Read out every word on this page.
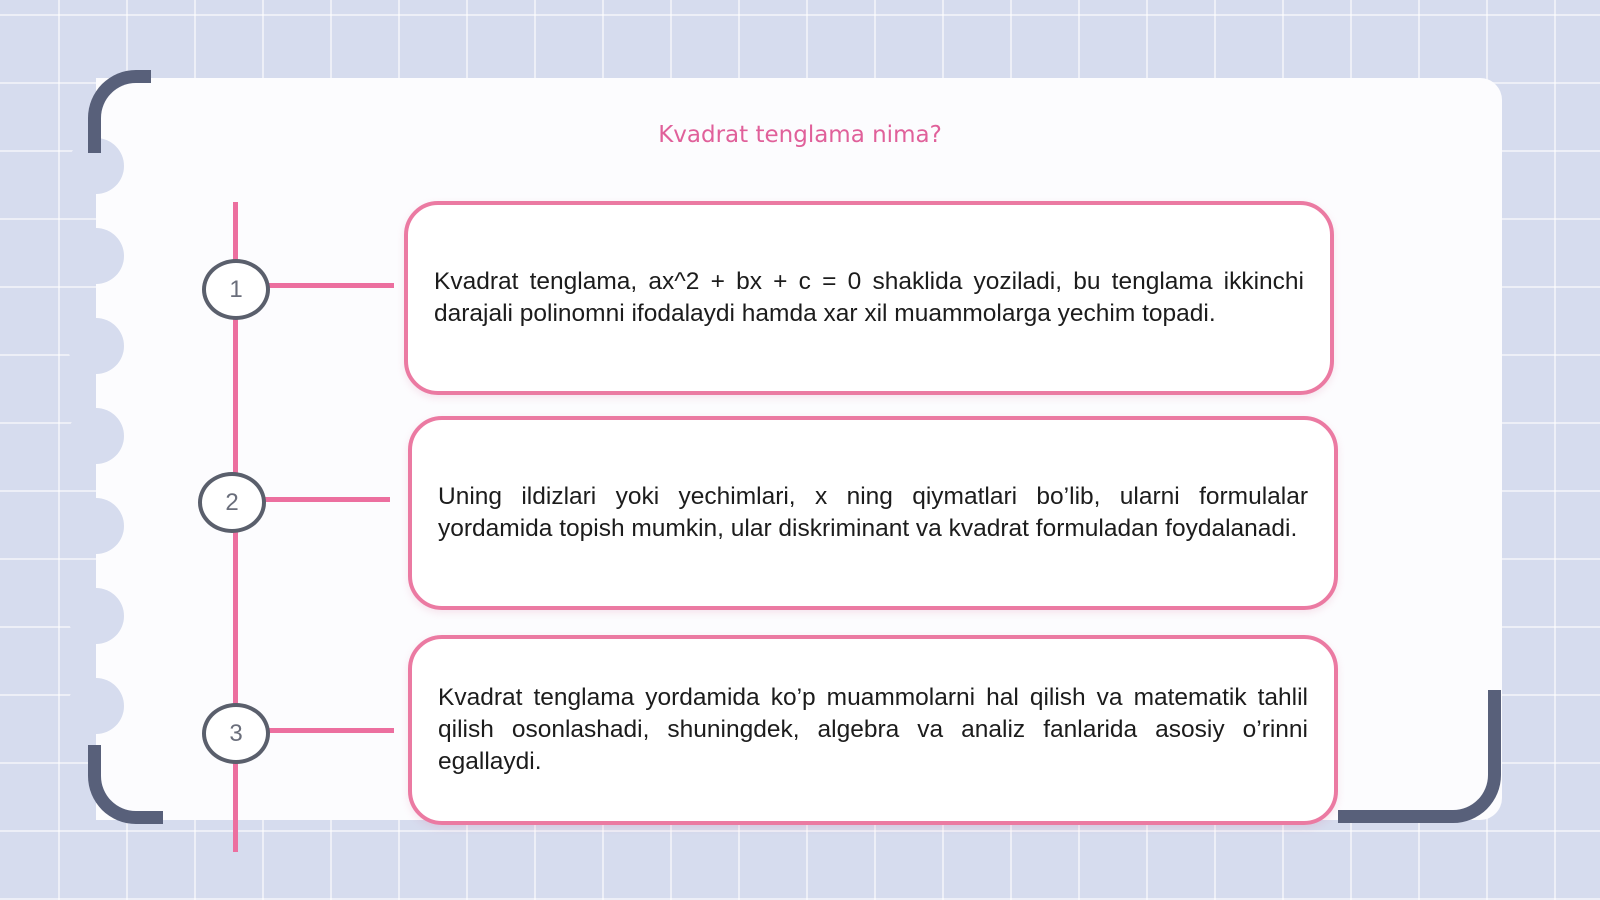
Kvadrat tenglama nima?
1
2
3
Kvadrat tenglama, ax^2 + bx + c = 0 shaklida yoziladi, bu tenglama ikkinchi darajali polinomni ifodalaydi hamda xar xil muammolarga yechim topadi.
Uning ildizlari yoki yechimlari, x ning qiymatlari bo’lib, ularni formulalar yordamida topish mumkin, ular diskriminant va kvadrat formuladan foydalanadi.
Kvadrat tenglama yordamida ko’p muammolarni hal qilish va matematik tahlil qilish osonlashadi, shuningdek, algebra va analiz fanlarida asosiy o’rinni egallaydi.
